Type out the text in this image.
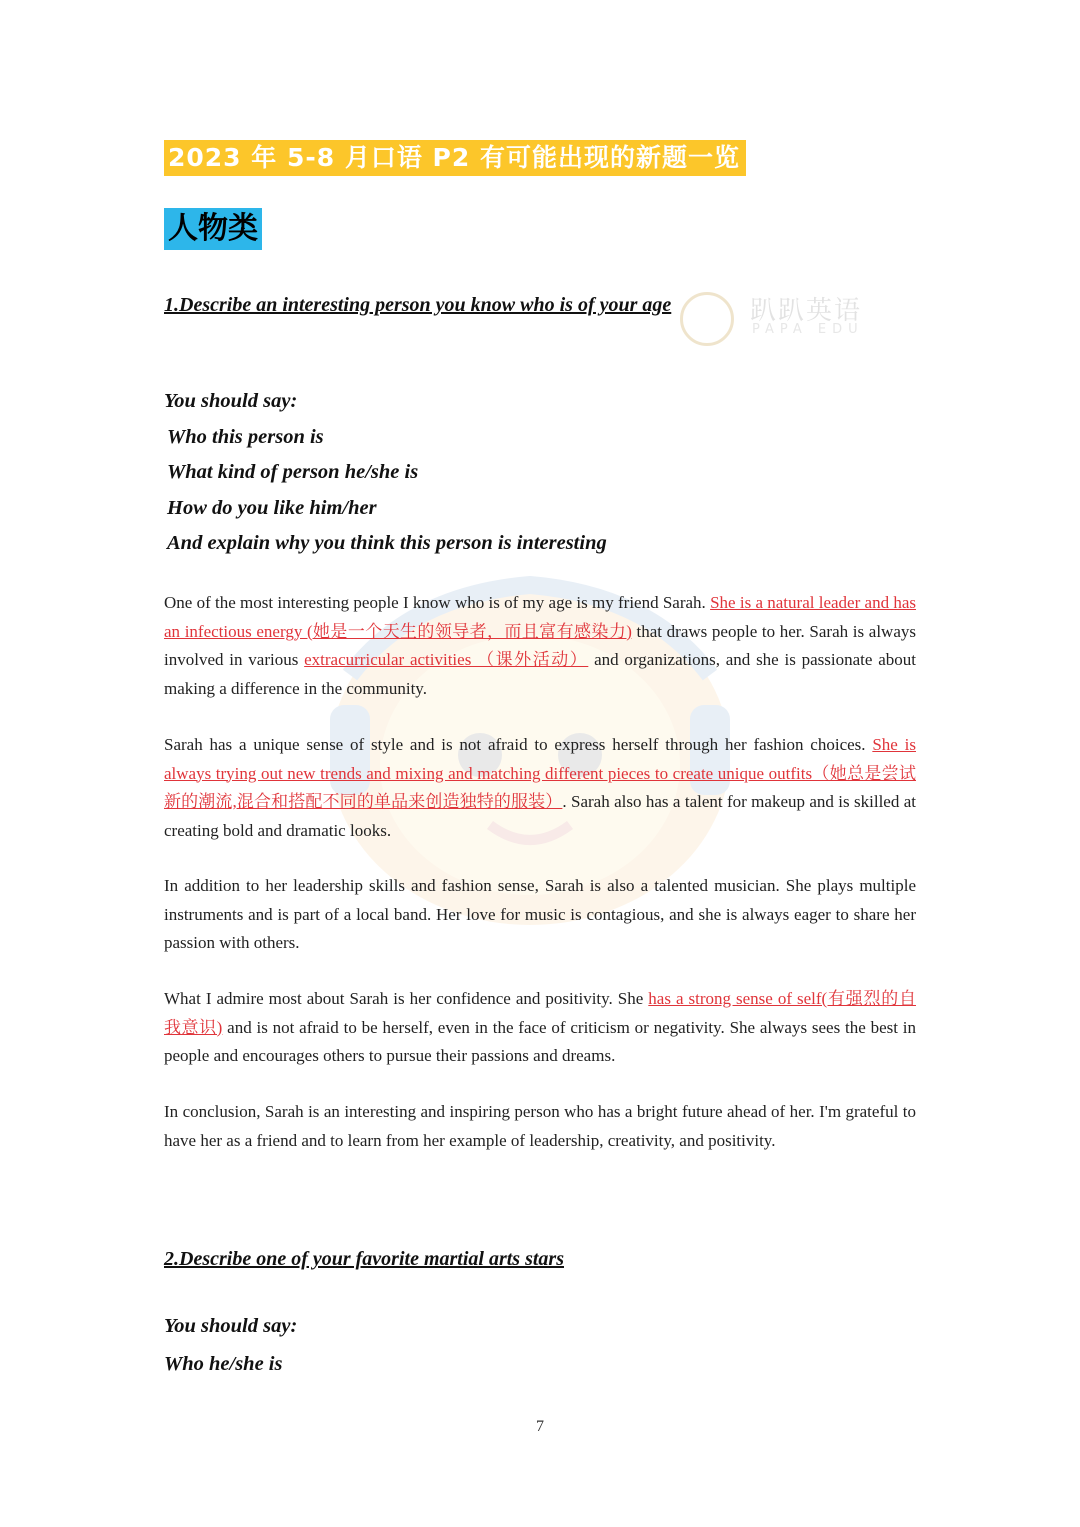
趴趴英语
PAPA EDU
2023 年 5-8 月口语 P2 有可能出现的新题一览
人物类
1.Describe an interesting person you know who is of your age
You should say:
Who this person is
What kind of person he/she is
How do you like him/her
And explain why you think this person is interesting

One of the most interesting people I know who is of my age is my friend Sarah. She is a natural leader and has an infectious energy (她是一个天生的领导者，而且富有感染力) that draws people to her. Sarah is always involved in various extracurricular activities （课外活动） and organizations, and she is passionate about making a difference in the community.

Sarah has a unique sense of style and is not afraid to express herself through her fashion choices. She is always trying out new trends and mixing and matching different pieces to create unique outfits（她总是尝试新的潮流,混合和搭配不同的单品来创造独特的服装）. Sarah also has a talent for makeup and is skilled at creating bold and dramatic looks.

In addition to her leadership skills and fashion sense, Sarah is also a talented musician. She plays multiple instruments and is part of a local band. Her love for music is contagious, and she is always eager to share her passion with others.

What I admire most about Sarah is her confidence and positivity. She has a strong sense of self(有强烈的自我意识) and is not afraid to be herself, even in the face of criticism or negativity. She always sees the best in people and encourages others to pursue their passions and dreams.

In conclusion, Sarah is an interesting and inspiring person who has a bright future ahead of her. I'm grateful to have her as a friend and to learn from her example of leadership, creativity, and positivity.

2.Describe one of your favorite martial arts stars
You should say:
Who he/she is
7
